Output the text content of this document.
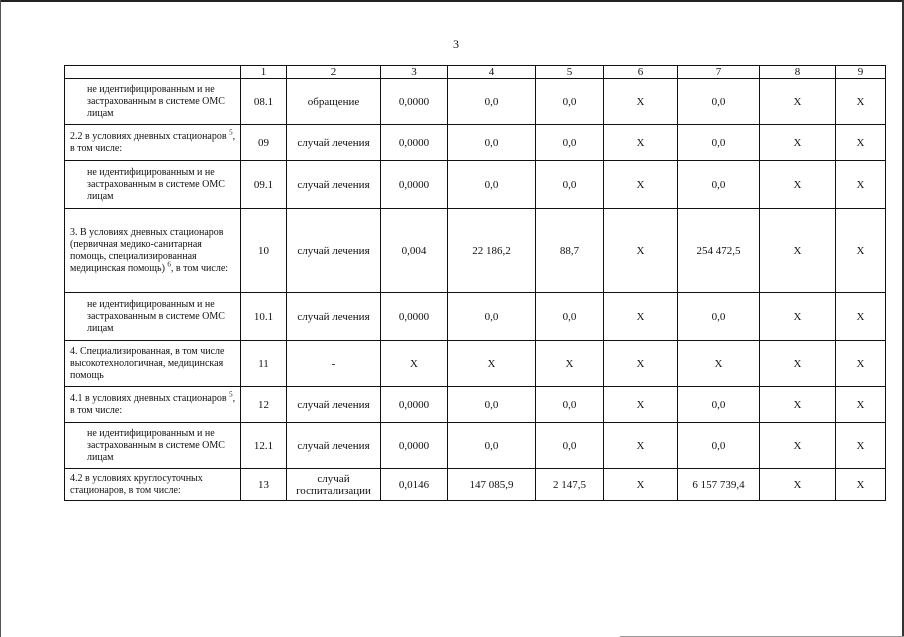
3
	1	2	3	4	5	6	7	8	9
не идентифицированным и не застрахованным в системе ОМС лицам	08.1	обращение	0,0000	0,0	0,0	X	0,0	X	X
2.2 в условиях дневных стационаров $^5$, в том числе:	09	случай лечения	0,0000	0,0	0,0	X	0,0	X	X
не идентифицированным и не застрахованным в системе ОМС лицам	09.1	случай лечения	0,0000	0,0	0,0	X	0,0	X	X
3. В условиях дневных стационаров (первичная медико-санитарная помощь, специализированная медицинская помощь) $^6$, в том числе:	10	случай лечения	0,004	22 186,2	88,7	X	254 472,5	X	X
не идентифицированным и не застрахованным в системе ОМС лицам	10.1	случай лечения	0,0000	0,0	0,0	X	0,0	X	X
4. Специализированная, в том числе высокотехнологичная, медицинская помощь	11	-	X	X	X	X	X	X	X
4.1 в условиях дневных стационаров $^5$, в том числе:	12	случай лечения	0,0000	0,0	0,0	X	0,0	X	X
не идентифицированным и не застрахованным в системе ОМС лицам	12.1	случай лечения	0,0000	0,0	0,0	X	0,0	X	X
4.2 в условиях круглосуточных стационаров, в том числе:	13	случай госпитализации	0,0146	147 085,9	2 147,5	X	6 157 739,4	X	X
